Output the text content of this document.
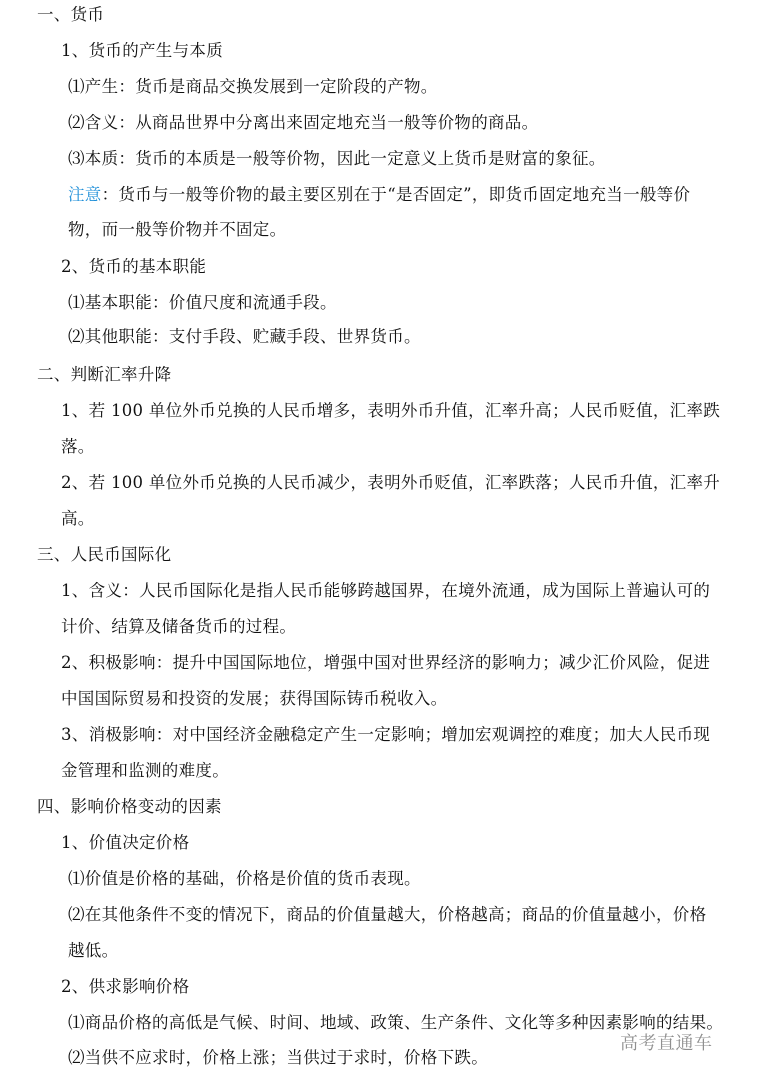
一、货币
1、货币的产生与本质
⑴产生：货币是商品交换发展到一定阶段的产物。
⑵含义：从商品世界中分离出来固定地充当一般等价物的商品。
⑶本质：货币的本质是一般等价物，因此一定意义上货币是财富的象征。
注意：货币与一般等价物的最主要区别在于“是否固定”，即货币固定地充当一般等价
物，而一般等价物并不固定。
2、货币的基本职能
⑴基本职能：价值尺度和流通手段。
⑵其他职能：支付手段、贮藏手段、世界货币。
二、判断汇率升降
1、若 100 单位外币兑换的人民币增多，表明外币升值，汇率升高；人民币贬值，汇率跌
落。
2、若 100 单位外币兑换的人民币减少，表明外币贬值，汇率跌落；人民币升值，汇率升
高。
三、人民币国际化
1、含义：人民币国际化是指人民币能够跨越国界，在境外流通，成为国际上普遍认可的
计价、结算及储备货币的过程。
2、积极影响：提升中国国际地位，增强中国对世界经济的影响力；减少汇价风险，促进
中国国际贸易和投资的发展；获得国际铸币税收入。
3、消极影响：对中国经济金融稳定产生一定影响；增加宏观调控的难度；加大人民币现
金管理和监测的难度。
四、影响价格变动的因素
1、价值决定价格
⑴价值是价格的基础，价格是价值的货币表现。
⑵在其他条件不变的情况下，商品的价值量越大，价格越高；商品的价值量越小，价格
越低。
2、供求影响价格
⑴商品价格的高低是气候、时间、地域、政策、生产条件、文化等多种因素影响的结果。
⑵当供不应求时，价格上涨；当供过于求时，价格下跌。
高考直通车
